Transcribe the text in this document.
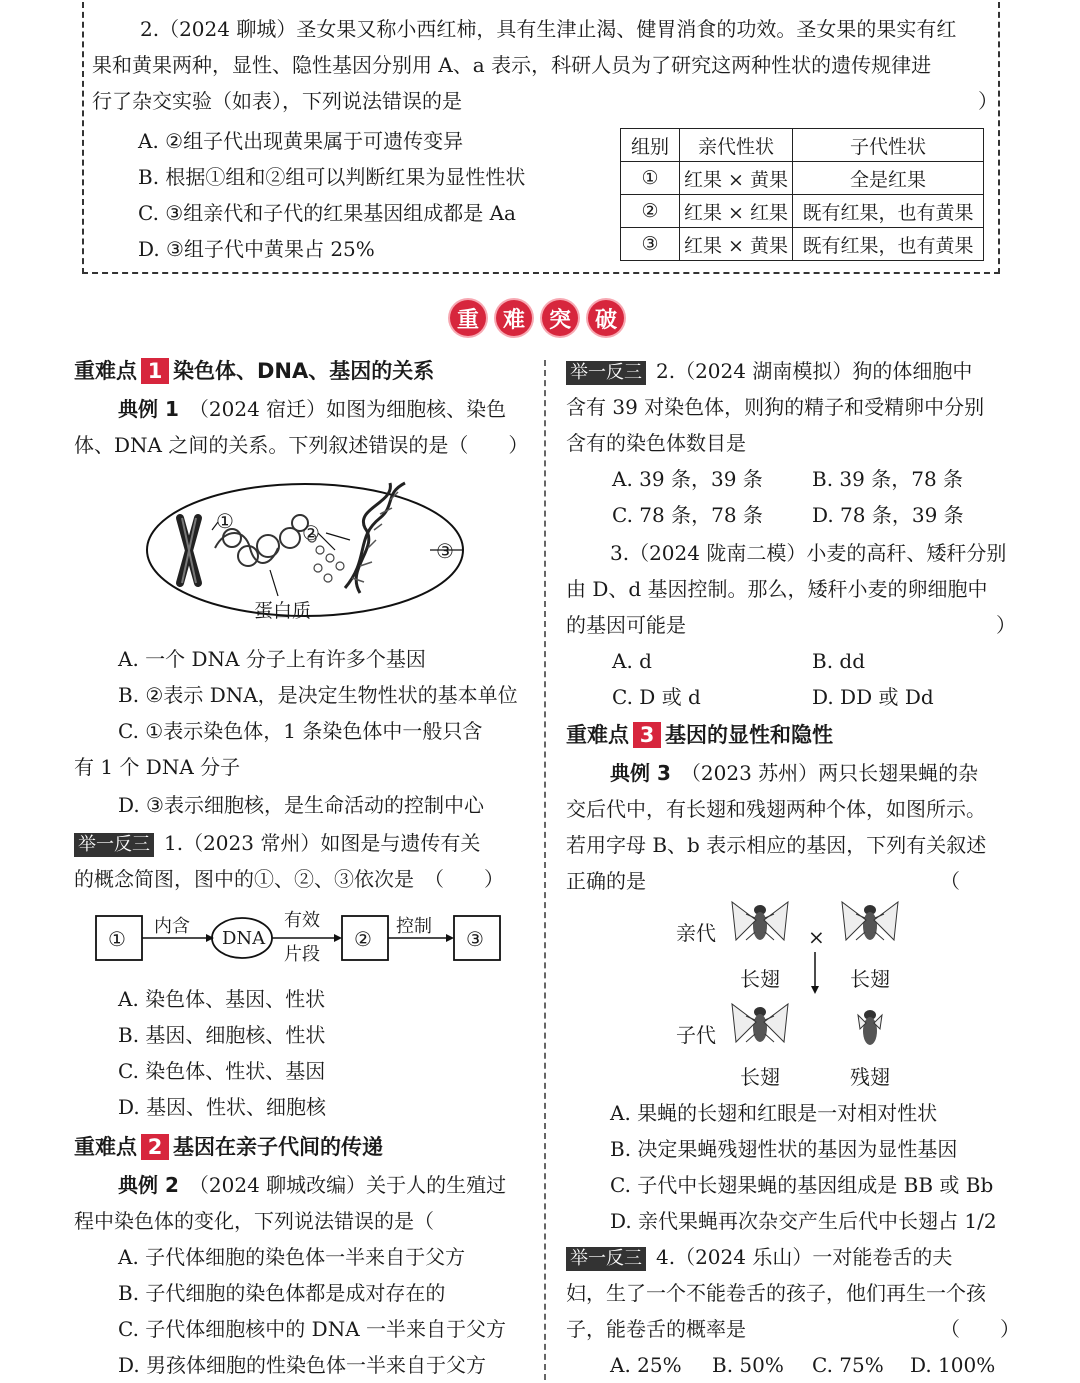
2.（2024 聊城）圣女果又称小西红柿，具有生津止渴、健胃消食的功效。圣女果的果实有红
果和黄果两种，显性、隐性基因分别用 A、a 表示，科研人员为了研究这两种性状的遗传规律进
行了杂交实验（如表），下列说法错误的是	）
A. ②组子代出现黄果属于可遗传变异
B. 根据①组和②组可以判断红果为显性性状
C. ③组亲代和子代的红果基因组成都是 Aa
D. ③组子代中黄果占 25%
组别	亲代性状	子代性状
①	红果 × 黄果	全是红果
②	红果 × 红果	既有红果，也有黄果
③	红果 × 黄果	既有红果，也有黄果
重	难	突	破
重难点 1 染色体、DNA、基因的关系
典例 1　 （2024 宿迁）如图为细胞核、染色
体、DNA 之间的关系。下列叙述错误的是（　　）
①	②
③
蛋白质
A. 一个 DNA 分子上有许多个基因
B. ②表示 DNA，是决定生物性状的基本单位
C. ①表示染色体，1 条染色体中一般只含
有 1 个 DNA 分子
D. ③表示细胞核，是生命活动的控制中心
举一反三 1.（2023 常州）如图是与遗传有关
的概念简图，图中的①、②、③依次是　（　　）
①
内含
DNA
有效
片段
②
控制
③
A. 染色体、基因、性状
B. 基因、细胞核、性状
C. 染色体、性状、基因
D. 基因、性状、细胞核
重难点 2 基因在亲子代间的传递
典例 2　 （2024 聊城改编）关于人的生殖过
程中染色体的变化，下列说法错误的是（
A. 子代体细胞的染色体一半来自于父方
B. 子代细胞的染色体都是成对存在的
C. 子代体细胞核中的 DNA 一半来自于父方
D. 男孩体细胞的性染色体一半来自于父方
举一反三 2.（2024 湖南模拟）狗的体细胞中
含有 39 对染色体，则狗的精子和受精卵中分别
含有的染色体数目是
A. 39 条，39 条 B. 39 条，78 条
C. 78 条，78 条 D. 78 条，39 条
3.（2024 陇南二模）小麦的高秆、矮秆分别
由 D、d 基因控制。那么，矮秆小麦的卵细胞中
的基因可能是	）
A. d	B. dd
C. D 或 d	D. DD 或 Dd
重难点 3 基因的显性和隐性
典例 3　 （2023 苏州）两只长翅果蝇的杂
交后代中，有长翅和残翅两种个体，如图所示。
若用字母 B、b 表示相应的基因，下列有关叙述
正确的是	（
亲代	×
长翅	长翅
子代
长翅	残翅
A. 果蝇的长翅和红眼是一对相对性状
B. 决定果蝇残翅性状的基因为显性基因
C. 子代中长翅果蝇的基因组成是 BB 或 Bb
D. 亲代果蝇再次杂交产生后代中长翅占 1/2
举一反三 4.（2024 乐山）一对能卷舌的夫
妇，生了一个不能卷舌的孩子，他们再生一个孩
子，能卷舌的概率是	（　　）
A. 25% B. 50% C. 75% D. 100%
